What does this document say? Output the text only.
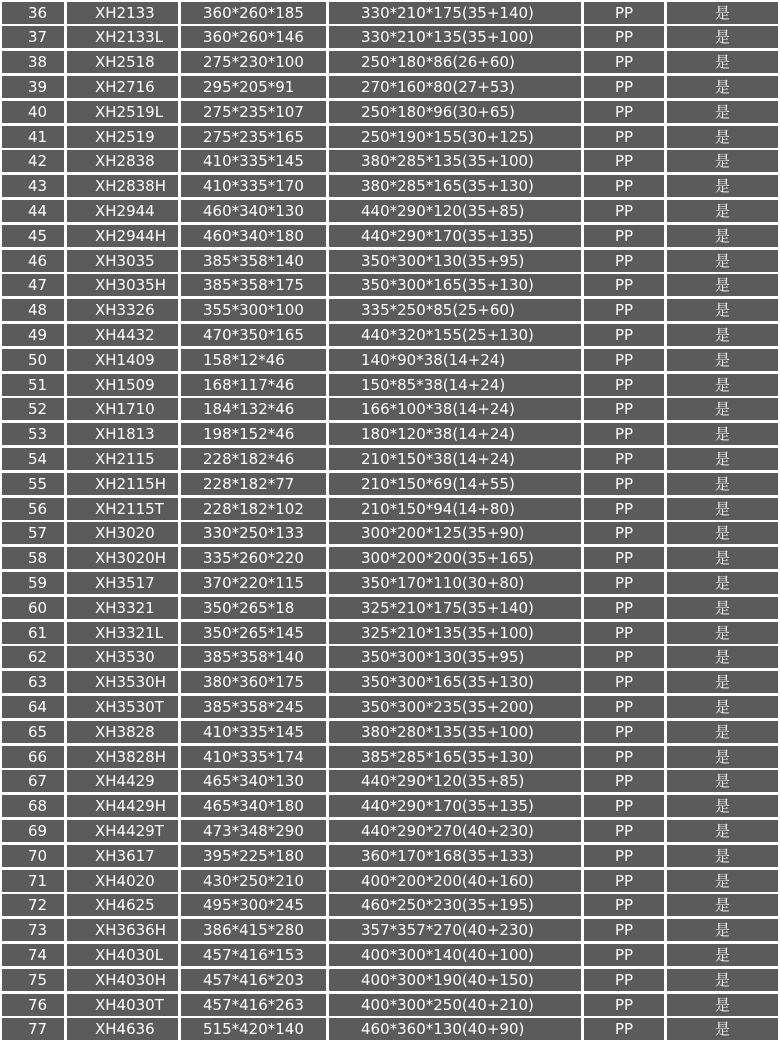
36	XH2133	360*260*185	330*210*175(35+140)	PP	是
37	XH2133L	360*260*146	330*210*135(35+100)	PP	是
38	XH2518	275*230*100	250*180*86(26+60)	PP	是
39	XH2716	295*205*91	270*160*80(27+53)	PP	是
40	XH2519L	275*235*107	250*180*96(30+65)	PP	是
41	XH2519	275*235*165	250*190*155(30+125)	PP	是
42	XH2838	410*335*145	380*285*135(35+100)	PP	是
43	XH2838H	410*335*170	380*285*165(35+130)	PP	是
44	XH2944	460*340*130	440*290*120(35+85)	PP	是
45	XH2944H	460*340*180	440*290*170(35+135)	PP	是
46	XH3035	385*358*140	350*300*130(35+95)	PP	是
47	XH3035H	385*358*175	350*300*165(35+130)	PP	是
48	XH3326	355*300*100	335*250*85(25+60)	PP	是
49	XH4432	470*350*165	440*320*155(25+130)	PP	是
50	XH1409	158*12*46	140*90*38(14+24)	PP	是
51	XH1509	168*117*46	150*85*38(14+24)	PP	是
52	XH1710	184*132*46	166*100*38(14+24)	PP	是
53	XH1813	198*152*46	180*120*38(14+24)	PP	是
54	XH2115	228*182*46	210*150*38(14+24)	PP	是
55	XH2115H	228*182*77	210*150*69(14+55)	PP	是
56	XH2115T	228*182*102	210*150*94(14+80)	PP	是
57	XH3020	330*250*133	300*200*125(35+90)	PP	是
58	XH3020H	335*260*220	300*200*200(35+165)	PP	是
59	XH3517	370*220*115	350*170*110(30+80)	PP	是
60	XH3321	350*265*18	325*210*175(35+140)	PP	是
61	XH3321L	350*265*145	325*210*135(35+100)	PP	是
62	XH3530	385*358*140	350*300*130(35+95)	PP	是
63	XH3530H	380*360*175	350*300*165(35+130)	PP	是
64	XH3530T	385*358*245	350*300*235(35+200)	PP	是
65	XH3828	410*335*145	380*280*135(35+100)	PP	是
66	XH3828H	410*335*174	385*285*165(35+130)	PP	是
67	XH4429	465*340*130	440*290*120(35+85)	PP	是
68	XH4429H	465*340*180	440*290*170(35+135)	PP	是
69	XH4429T	473*348*290	440*290*270(40+230)	PP	是
70	XH3617	395*225*180	360*170*168(35+133)	PP	是
71	XH4020	430*250*210	400*200*200(40+160)	PP	是
72	XH4625	495*300*245	460*250*230(35+195)	PP	是
73	XH3636H	386*415*280	357*357*270(40+230)	PP	是
74	XH4030L	457*416*153	400*300*140(40+100)	PP	是
75	XH4030H	457*416*203	400*300*190(40+150)	PP	是
76	XH4030T	457*416*263	400*300*250(40+210)	PP	是
77	XH4636	515*420*140	460*360*130(40+90)	PP	是
